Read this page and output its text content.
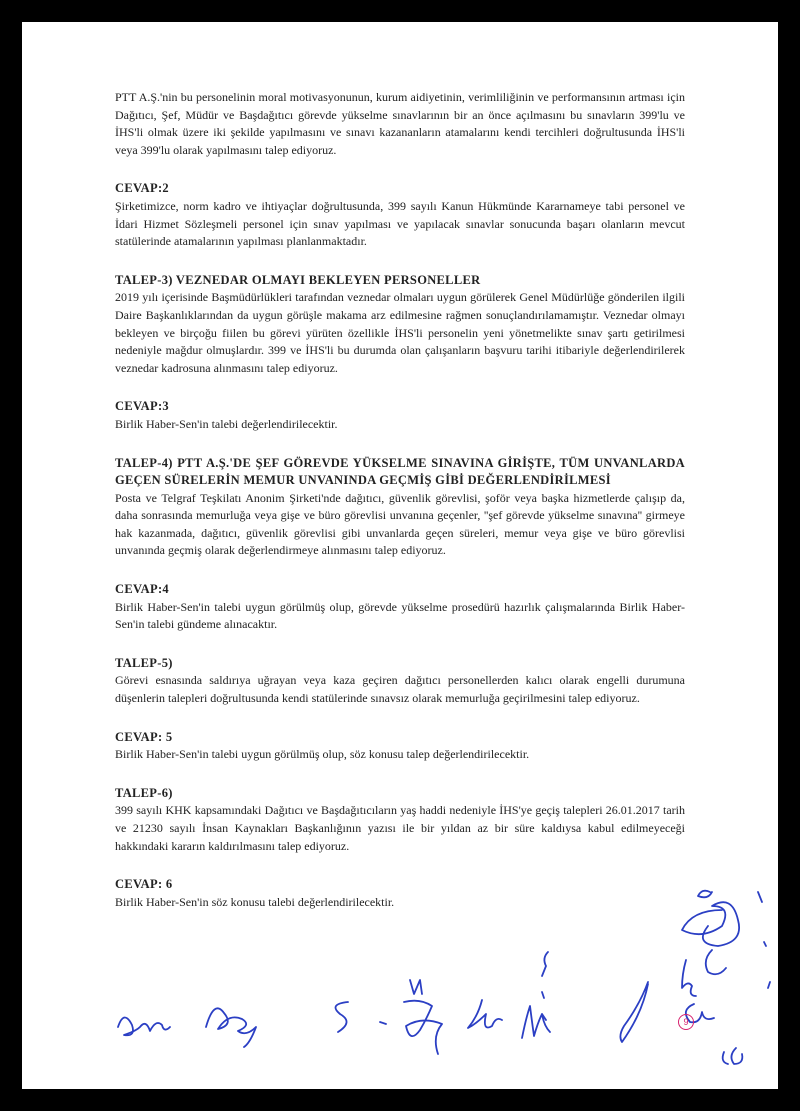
PTT A.Ş.'nin bu personelinin moral motivasyonunun, kurum aidiyetinin, verimliliğinin ve performansının artması için Dağıtıcı, Şef, Müdür ve Başdağıtıcı görevde yükselme sınavlarının bir an önce açılmasını bu sınavların 399'lu ve İHS'li olmak üzere iki şekilde yapılmasını ve sınavı kazananların atamalarını kendi tercihleri doğrultusunda İHS'li veya 399'lu olarak yapılmasını talep ediyoruz.

CEVAP:2

Şirketimizce, norm kadro ve ihtiyaçlar doğrultusunda, 399 sayılı Kanun Hükmünde Kararnameye tabi personel ve İdari Hizmet Sözleşmeli personel için sınav yapılması ve yapılacak sınavlar sonucunda başarı olanların mevcut statülerinde atamalarının yapılması planlanmaktadır.

TALEP-3) VEZNEDAR OLMAYI BEKLEYEN PERSONELLER

2019 yılı içerisinde Başmüdürlükleri tarafından veznedar olmaları uygun görülerek Genel Müdürlüğe gönderilen ilgili Daire Başkanlıklarından da uygun görüşle makama arz edilmesine rağmen sonuçlandırılamamıştır. Veznedar olmayı bekleyen ve birçoğu fiilen bu görevi yürüten özellikle İHS'li personelin yeni yönetmelikte sınav şartı getirilmesi nedeniyle mağdur olmuşlardır. 399 ve İHS'li bu durumda olan çalışanların başvuru tarihi itibariyle değerlendirilerek veznedar kadrosuna alınmasını talep ediyoruz.

CEVAP:3

Birlik Haber-Sen'in talebi değerlendirilecektir.

TALEP-4) PTT A.Ş.'DE ŞEF GÖREVDE YÜKSELME SINAVINA GİRİŞTE, TÜM UNVANLARDA GEÇEN SÜRELERİN MEMUR UNVANINDA GEÇMİŞ GİBİ DEĞERLENDİRİLMESİ

Posta ve Telgraf Teşkilatı Anonim Şirketi'nde dağıtıcı, güvenlik görevlisi, şoför veya başka hizmetlerde çalışıp da, daha sonrasında memurluğa veya gişe ve büro görevlisi unvanına geçenler, ''şef görevde yükselme sınavına'' girmeye hak kazanmada, dağıtıcı, güvenlik görevlisi gibi unvanlarda geçen süreleri, memur veya gişe ve büro görevlisi unvanında geçmiş olarak değerlendirmeye alınmasını talep ediyoruz.

CEVAP:4

Birlik Haber-Sen'in talebi uygun görülmüş olup, görevde yükselme prosedürü hazırlık çalışmalarında Birlik Haber-Sen'in talebi gündeme alınacaktır.

TALEP-5)

Görevi esnasında saldırıya uğrayan veya kaza geçiren dağıtıcı personellerden kalıcı olarak engelli durumuna düşenlerin talepleri doğrultusunda kendi statülerinde sınavsız olarak memurluğa geçirilmesini talep ediyoruz.

CEVAP: 5

Birlik Haber-Sen'in talebi uygun görülmüş olup, söz konusu talep değerlendirilecektir.

TALEP-6)

399 sayılı KHK kapsamındaki Dağıtıcı ve Başdağıtıcıların yaş haddi nedeniyle İHS'ye geçiş talepleri 26.01.2017 tarih ve 21230 sayılı İnsan Kaynakları Başkanlığının yazısı ile bir yıldan az bir süre kaldıysa kabul edilmeyeceği hakkındaki kararın kaldırılmasını talep ediyoruz.

CEVAP: 6

Birlik Haber-Sen'in söz konusu talebi değerlendirilecektir.

9
